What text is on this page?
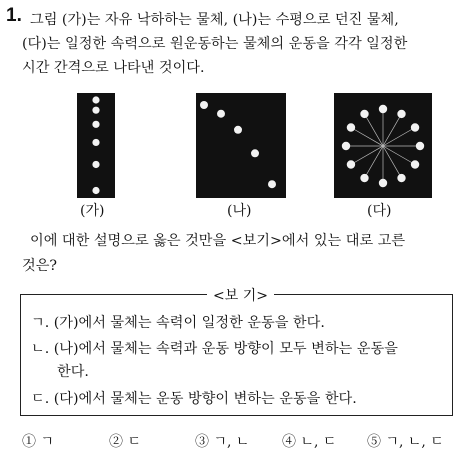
1. 그림 (가)는 자유 낙하하는 물체, (나)는 수평으로 던진 물체,
(다)는 일정한 속력으로 원운동하는 물체의 운동을 각각 일정한
시간 간격으로 나타낸 것이다.
(가)	(나)	(다)
이에 대한 설명으로 옳은 것만을 <보기>에서 있는 대로 고른
것은?
<보 기>
ㄱ. (가)에서 물체는 속력이 일정한 운동을 한다.
ㄴ. (나)에서 물체는 속력과 운동 방향이 모두 변하는 운동을
한다.
ㄷ. (다)에서 물체는 운동 방향이 변하는 운동을 한다.
① ㄱ	② ㄷ	③ ㄱ, ㄴ ④ ㄴ, ㄷ ⑤ ㄱ, ㄴ, ㄷ
